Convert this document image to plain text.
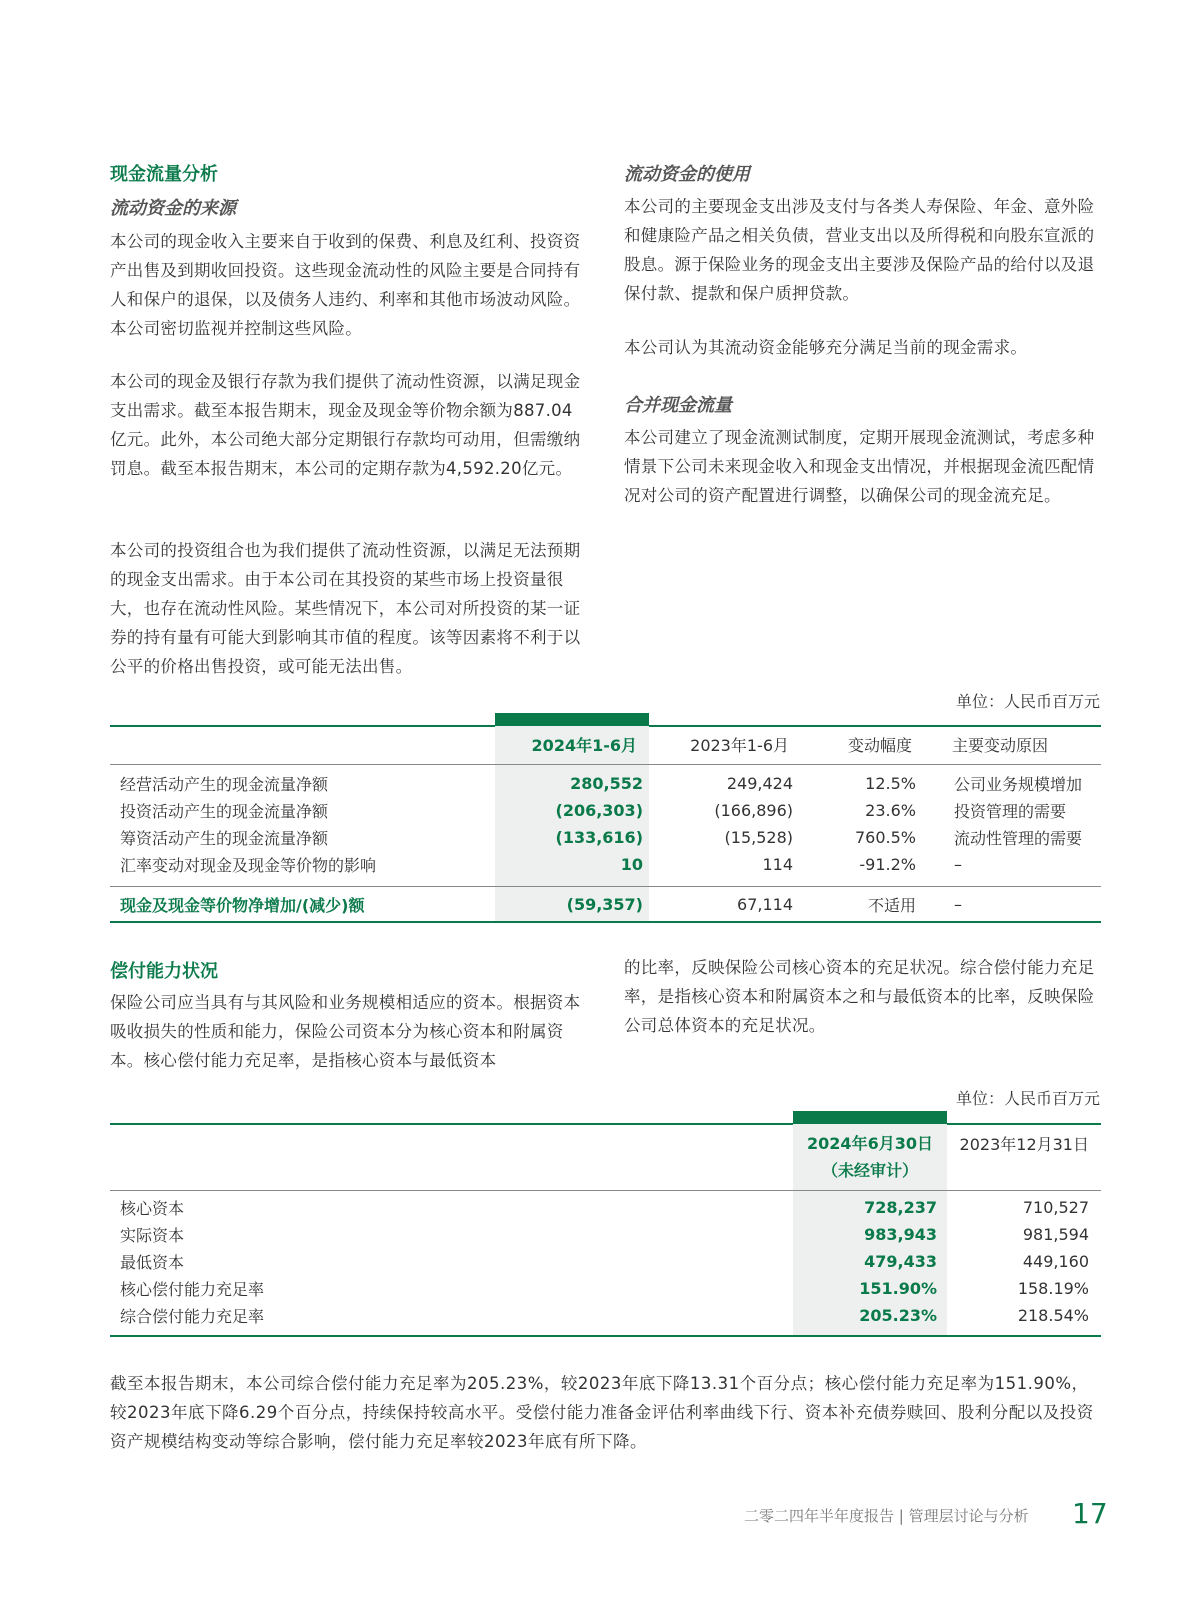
现金流量分析
流动资金的来源

本公司的现金收入主要来自于收到的保费、利息及红利、投资资产出售及到期收回投资。这些现金流动性的风险主要是合同持有人和保户的退保，以及债务人违约、利率和其他市场波动风险。本公司密切监视并控制这些风险。

本公司的现金及银行存款为我们提供了流动性资源，以满足现金支出需求。截至本报告期末，现金及现金等价物余额为887.04亿元。此外，本公司绝大部分定期银行存款均可动用，但需缴纳罚息。截至本报告期末，本公司的定期存款为4,592.20亿元。

本公司的投资组合也为我们提供了流动性资源，以满足无法预期的现金支出需求。由于本公司在其投资的某些市场上投资量很大，也存在流动性风险。某些情况下，本公司对所投资的某一证券的持有量有可能大到影响其市值的程度。该等因素将不利于以公平的价格出售投资，或可能无法出售。

流动资金的使用

本公司的主要现金支出涉及支付与各类人寿保险、年金、意外险和健康险产品之相关负债，营业支出以及所得税和向股东宣派的股息。源于保险业务的现金支出主要涉及保险产品的给付以及退保付款、提款和保户质押贷款。

本公司认为其流动资金能够充分满足当前的现金需求。

合并现金流量

本公司建立了现金流测试制度，定期开展现金流测试，考虑多种情景下公司未来现金收入和现金支出情况，并根据现金流匹配情况对公司的资产配置进行调整，以确保公司的现金流充足。

单位：人民币百万元
	2024年1-6月	2023年1-6月	变动幅度	主要变动原因

经营活动产生的现金流量净额	280,552	249,424	12.5%	公司业务规模增加
投资活动产生的现金流量净额	(206,303)	(166,896)	23.6%	投资管理的需要
筹资活动产生的现金流量净额	(133,616)	(15,528)	760.5%	流动性管理的需要
汇率变动对现金及现金等价物的影响	10	114	-91.2%	–

现金及现金等价物净增加/(减少)额	(59,357)	67,114	不适用	–
偿付能力状况

保险公司应当具有与其风险和业务规模相适应的资本。根据资本吸收损失的性质和能力，保险公司资本分为核心资本和附属资本。核心偿付能力充足率，是指核心资本与最低资本

的比率，反映保险公司核心资本的充足状况。综合偿付能力充足率，是指核心资本和附属资本之和与最低资本的比率，反映保险公司总体资本的充足状况。

单位：人民币百万元

	2024年6月30日
（未经审计）	2023年12月31日

核心资本	728,237	710,527
实际资本	983,943	981,594
最低资本	479,433	449,160
核心偿付能力充足率	151.90%	158.19%
综合偿付能力充足率	205.23%	218.54%

截至本报告期末，本公司综合偿付能力充足率为205.23%，较2023年底下降13.31个百分点；核心偿付能力充足率为151.90%，较2023年底下降6.29个百分点，持续保持较高水平。受偿付能力准备金评估利率曲线下行、资本补充债券赎回、股利分配以及投资资产规模结构变动等综合影响，偿付能力充足率较2023年底有所下降。

二零二四年半年度报告 | 管理层讨论与分析 17
